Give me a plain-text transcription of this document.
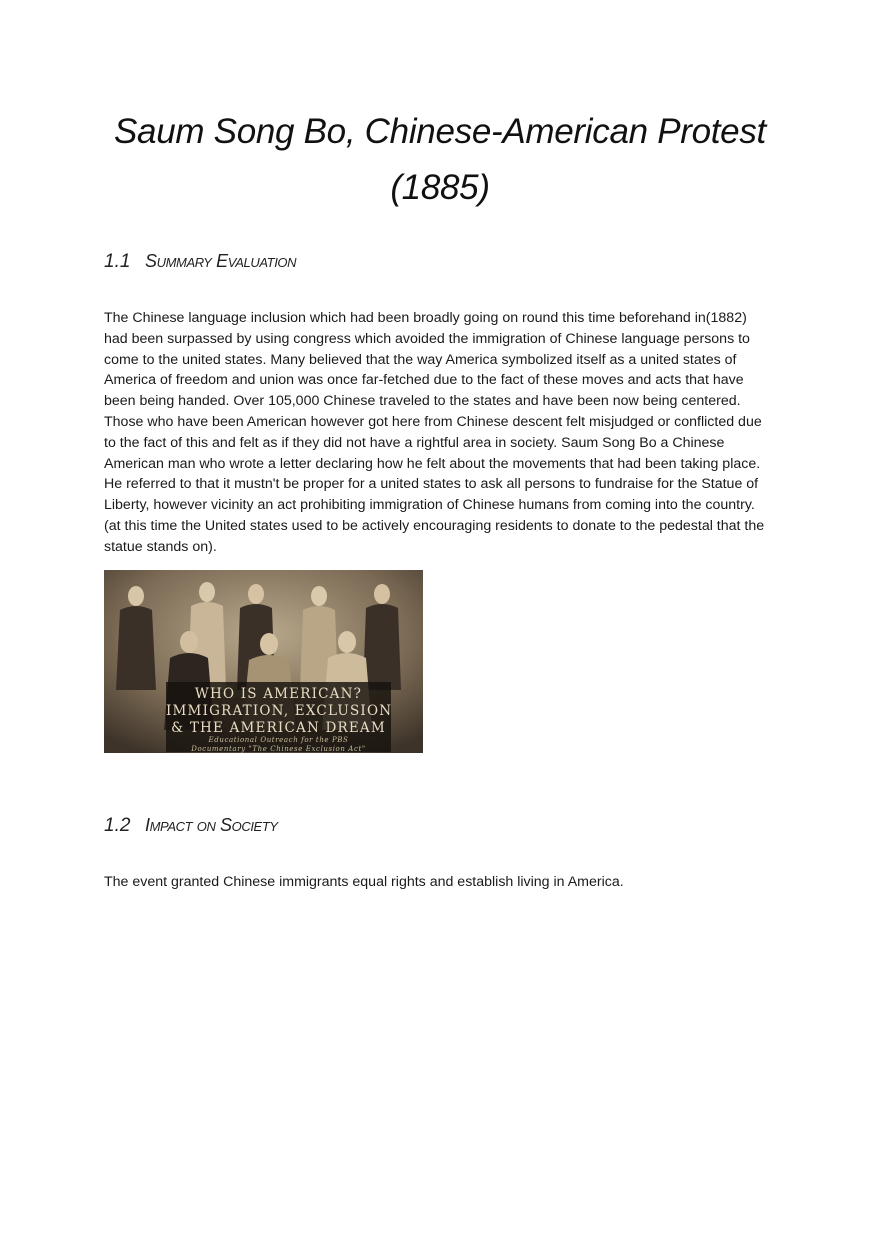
Saum Song Bo, Chinese-American Protest (1885)
1.1 Summary Evaluation

The Chinese language inclusion which had been broadly going on round this time beforehand in(1882) had been surpassed by using congress which avoided the immigration of Chinese language persons to come to the united states. Many believed that the way America symbolized itself as a united states of America of freedom and union was once far-fetched due to the fact of these moves and acts that have been being handed. Over 105,000 Chinese traveled to the states and have been now being centered. Those who have been American however got here from Chinese descent felt misjudged or conflicted due to the fact of this and felt as if they did not have a rightful area in society. Saum Song Bo a Chinese American man who wrote a letter declaring how he felt about the movements that had been taking place. He referred to that it mustn't be proper for a united states to ask all persons to fundraise for the Statue of Liberty, however vicinity an act prohibiting immigration of Chinese humans from coming into the country. (at this time the United states used to be actively encouraging residents to donate to the pedestal that the statue stands on).

WHO IS AMERICAN?

IMMIGRATION, EXCLUSION

& THE AMERICAN DREAM

Educational Outreach for the PBS

Documentary "The Chinese Exclusion Act"

1.2 Impact on Society

The event granted Chinese immigrants equal rights and establish living in America.
